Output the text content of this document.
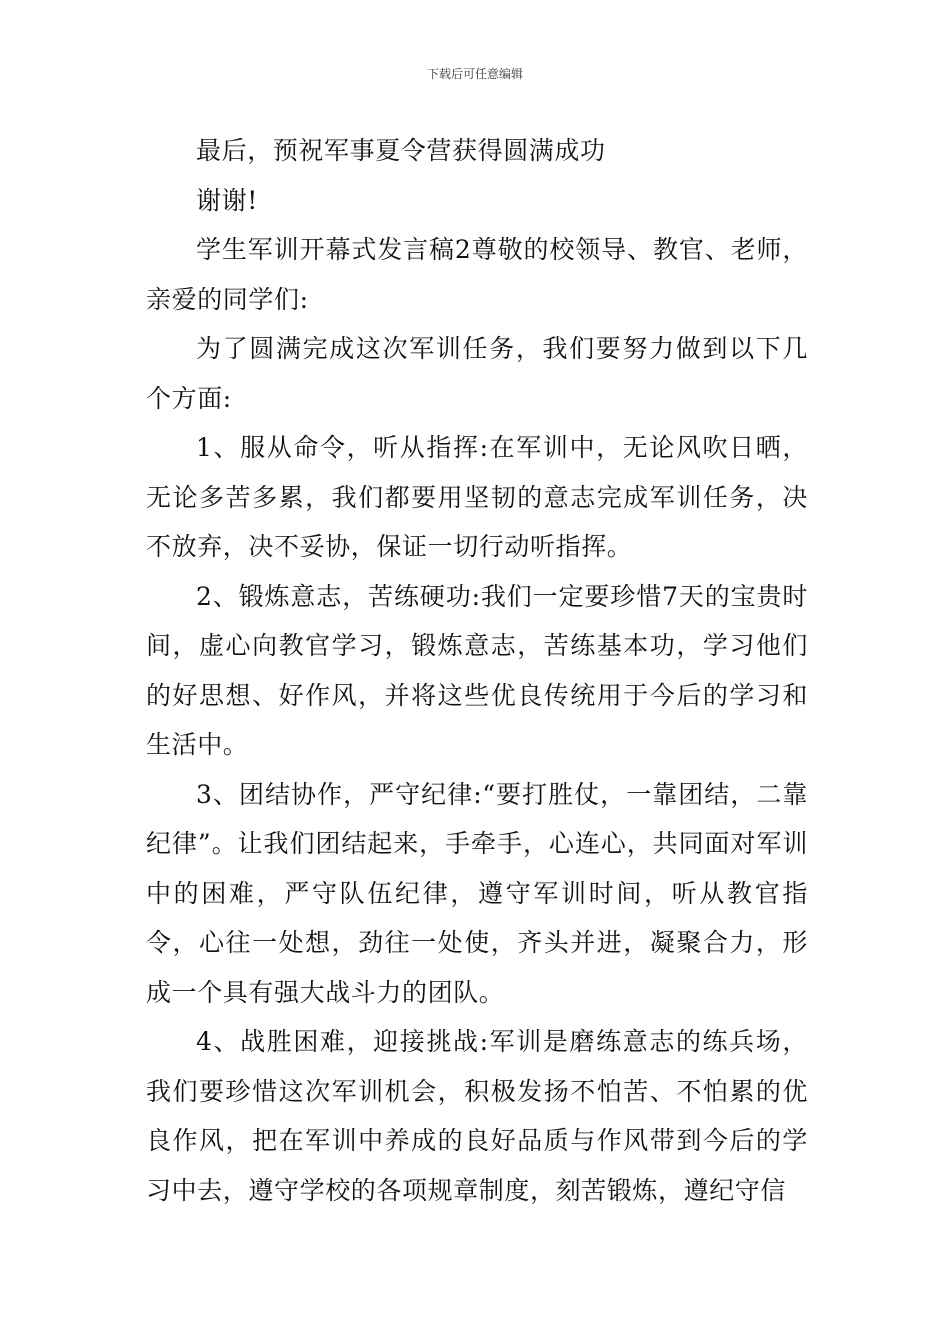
下载后可任意编辑

最后，预祝军事夏令营获得圆满成功

谢谢!

学生军训开幕式发言稿2尊敬的校领导、教官、老师，亲爱的同学们:

为了圆满完成这次军训任务，我们要努力做到以下几个方面:

1、服从命令，听从指挥:在军训中，无论风吹日晒，无论多苦多累，我们都要用坚韧的意志完成军训任务，决不放弃，决不妥协，保证一切行动听指挥。

2、锻炼意志，苦练硬功:我们一定要珍惜7天的宝贵时间，虚心向教官学习，锻炼意志，苦练基本功，学习他们的好思想、好作风，并将这些优良传统用于今后的学习和生活中。

3、团结协作，严守纪律:“要打胜仗，一靠团结，二靠纪律”。让我们团结起来，手牵手，心连心，共同面对军训中的困难，严守队伍纪律，遵守军训时间，听从教官指令，心往一处想，劲往一处使，齐头并进，凝聚合力，形成一个具有强大战斗力的团队。

4、战胜困难，迎接挑战:军训是磨练意志的练兵场，我们要珍惜这次军训机会，积极发扬不怕苦、不怕累的优良作风，把在军训中养成的良好品质与作风带到今后的学习中去，遵守学校的各项规章制度，刻苦锻炼，遵纪守信
